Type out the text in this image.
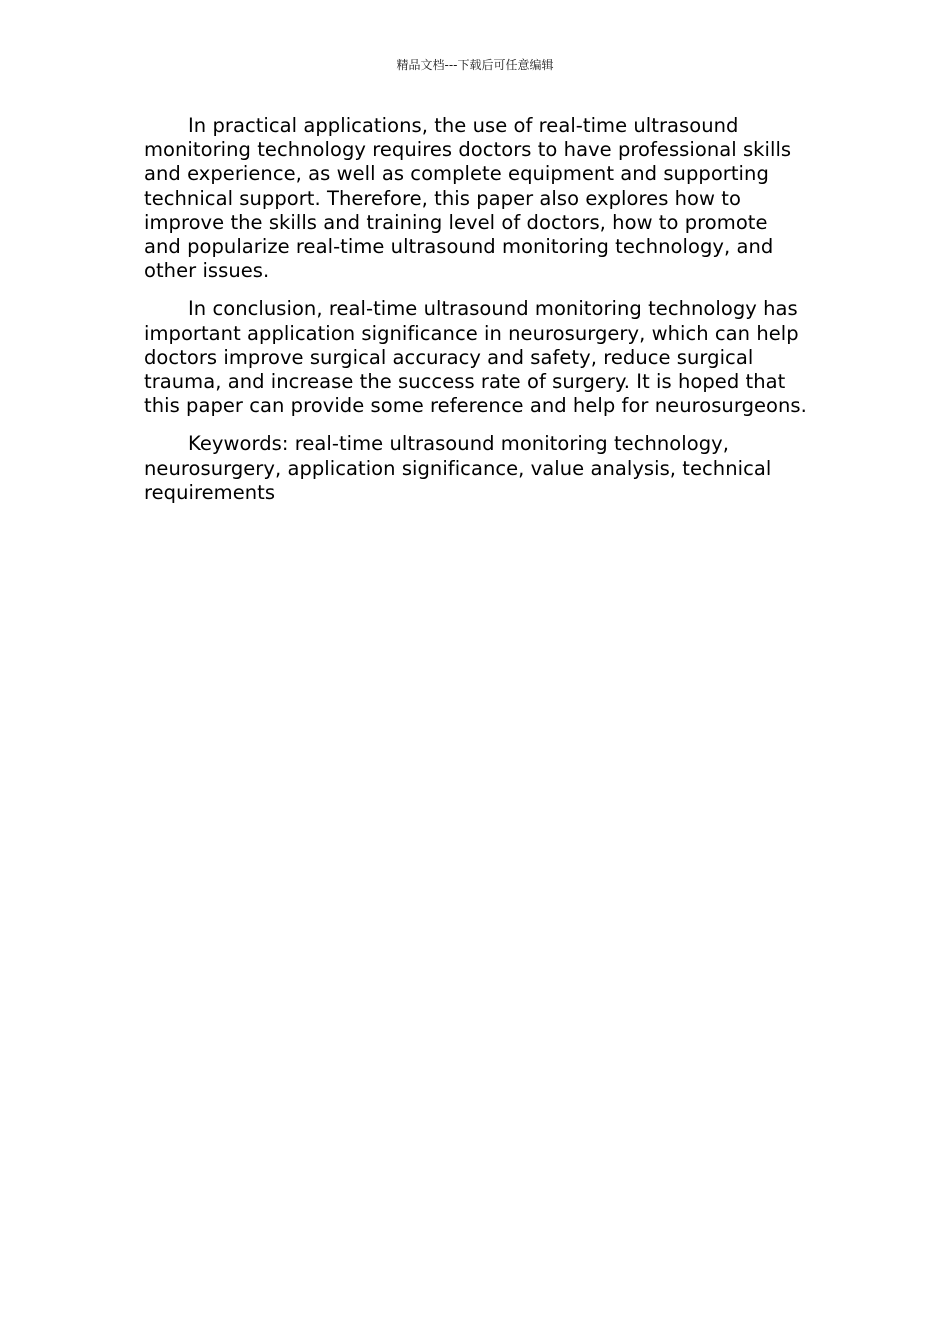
精品文档---下载后可任意编辑

In practical applications, the use of real-time ultrasound monitoring technology requires doctors to have professional skills and experience, as well as complete equipment and supporting technical support. Therefore, this paper also explores how to improve the skills and training level of doctors, how to promote and popularize real-time ultrasound monitoring technology, and other issues.

In conclusion, real-time ultrasound monitoring technology has important application significance in neurosurgery, which can help doctors improve surgical accuracy and safety, reduce surgical trauma, and increase the success rate of surgery. It is hoped that this paper can provide some reference and help for neurosurgeons.

Keywords: real-time ultrasound monitoring technology, neurosurgery, application significance, value analysis, technical requirements
